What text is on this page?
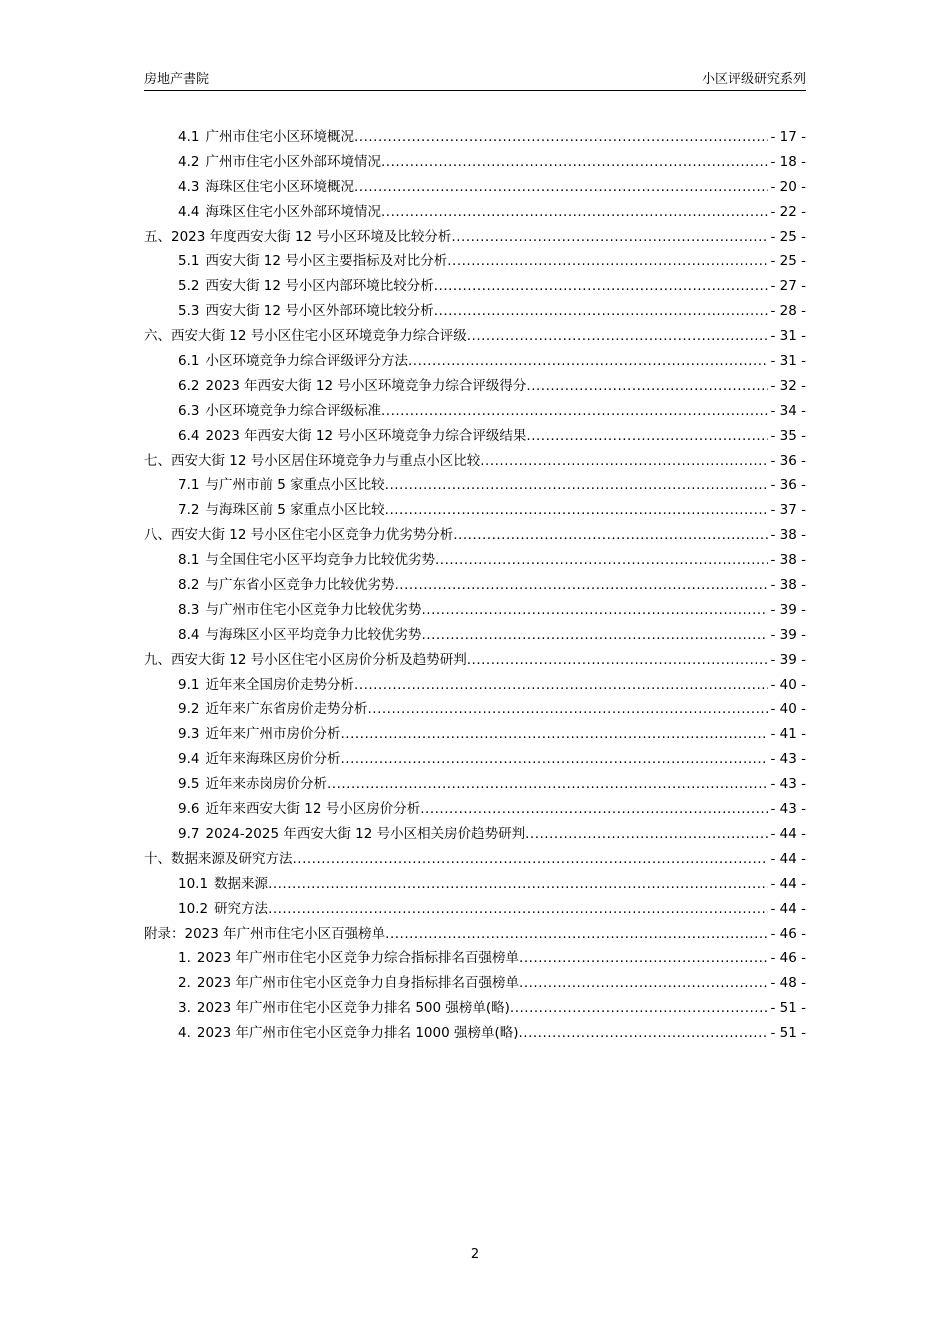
房地产書院	小区评级研究系列
4.1 广州市住宅小区环境概况 .....	- 17 -
4.2 广州市住宅小区外部环境情况 .....	- 18 -
4.3 海珠区住宅小区环境概况 .....	- 20 -
4.4 海珠区住宅小区外部环境情况 .....	- 22 -
五、2023 年度西安大街 12 号小区环境及比较分析 .....	- 25 -
5.1 西安大街 12 号小区主要指标及对比分析 .....	- 25 -
5.2 西安大街 12 号小区内部环境比较分析 .....	- 27 -
5.3 西安大街 12 号小区外部环境比较分析 .....	- 28 -
六、西安大街 12 号小区住宅小区环境竞争力综合评级 .....	- 31 -
6.1 小区环境竞争力综合评级评分方法 .....	- 31 -
6.2 2023 年西安大街 12 号小区环境竞争力综合评级得分 .....	- 32 -
6.3 小区环境竞争力综合评级标准 .....	- 34 -
6.4 2023 年西安大街 12 号小区环境竞争力综合评级结果 .....	- 35 -
七、西安大街 12 号小区居住环境竞争力与重点小区比较 .....	- 36 -
7.1 与广州市前 5 家重点小区比较 .....	- 36 -
7.2 与海珠区前 5 家重点小区比较 .....	- 37 -
八、西安大街 12 号小区住宅小区竞争力优劣势分析 .....	- 38 -
8.1 与全国住宅小区平均竞争力比较优劣势 .....	- 38 -
8.2 与广东省小区竞争力比较优劣势 .....	- 38 -
8.3 与广州市住宅小区竞争力比较优劣势 .....	- 39 -
8.4 与海珠区小区平均竞争力比较优劣势 .....	- 39 -
九、西安大街 12 号小区住宅小区房价分析及趋势研判 .....	- 39 -
9.1 近年来全国房价走势分析 .....	- 40 -
9.2 近年来广东省房价走势分析 .....	- 40 -
9.3 近年来广州市房价分析 .....	- 41 -
9.4 近年来海珠区房价分析 .....	- 43 -
9.5 近年来赤岗房价分析 .....	- 43 -
9.6 近年来西安大街 12 号小区房价分析 .....	- 43 -
9.7 2024-2025 年西安大街 12 号小区相关房价趋势研判 .....	- 44 -
十、数据来源及研究方法 .....	- 44 -
10.1 数据来源 .....	- 44 -
10.2 研究方法 .....	- 44 -
附录：2023 年广州市住宅小区百强榜单 .....	- 46 -
1. 2023 年广州市住宅小区竞争力综合指标排名百强榜单 .....	- 46 -
2. 2023 年广州市住宅小区竞争力自身指标排名百强榜单 .....	- 48 -
3. 2023 年广州市住宅小区竞争力排名 500 强榜单(略) .....	- 51 -
4. 2023 年广州市住宅小区竞争力排名 1000 强榜单(略) .....	- 51 -
2
